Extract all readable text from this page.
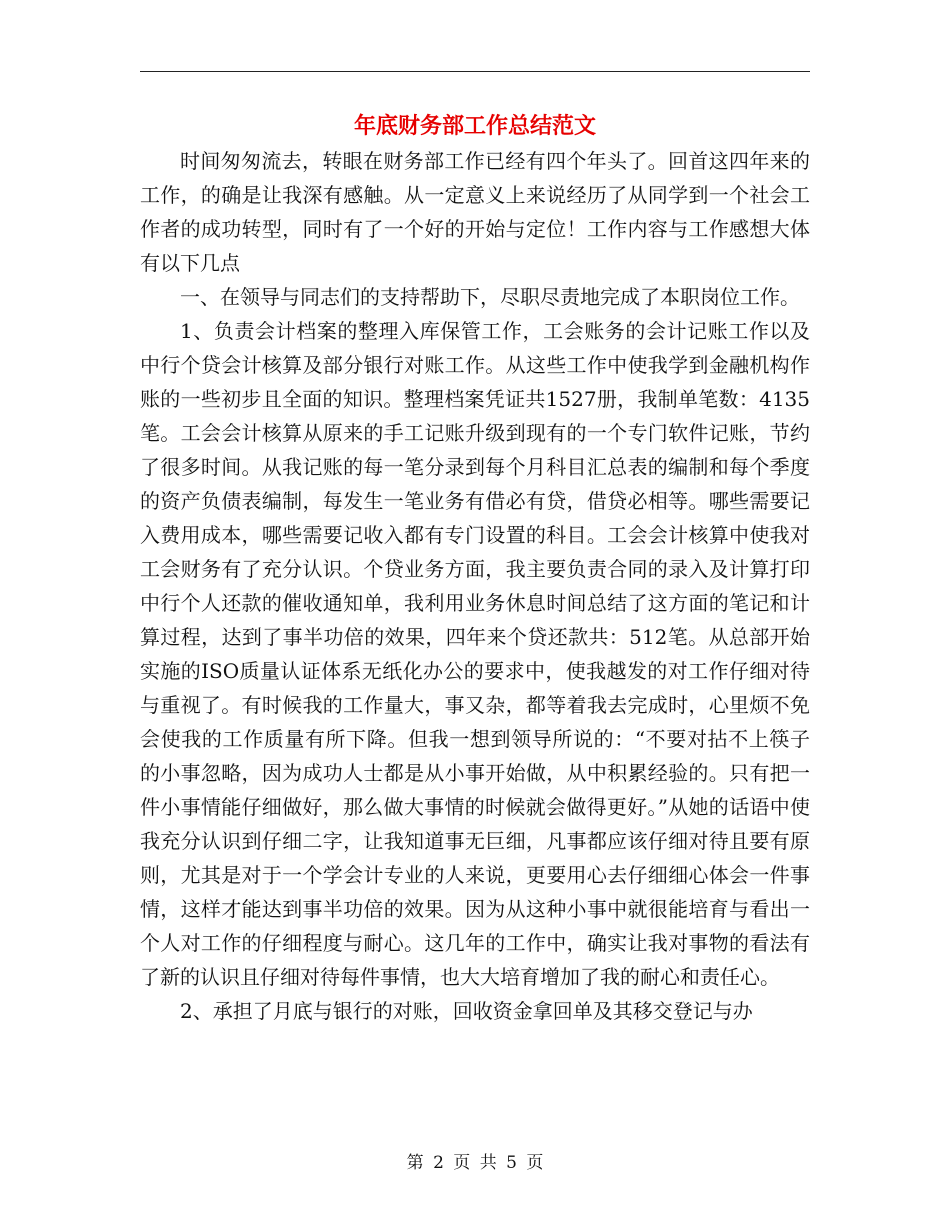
年底财务部工作总结范文

时间匆匆流去，转眼在财务部工作已经有四个年头了。回首这四年来的工作，的确是让我深有感触。从一定意义上来说经历了从同学到一个社会工作者的成功转型，同时有了一个好的开始与定位！工作内容与工作感想大体有以下几点

一、在领导与同志们的支持帮助下，尽职尽责地完成了本职岗位工作。

1、负责会计档案的整理入库保管工作，工会账务的会计记账工作以及中行个贷会计核算及部分银行对账工作。从这些工作中使我学到金融机构作账的一些初步且全面的知识。整理档案凭证共1527册，我制单笔数：4135笔。工会会计核算从原来的手工记账升级到现有的一个专门软件记账，节约了很多时间。从我记账的每一笔分录到每个月科目汇总表的编制和每个季度的资产负债表编制，每发生一笔业务有借必有贷，借贷必相等。哪些需要记入费用成本，哪些需要记收入都有专门设置的科目。工会会计核算中使我对工会财务有了充分认识。个贷业务方面，我主要负责合同的录入及计算打印中行个人还款的催收通知单，我利用业务休息时间总结了这方面的笔记和计算过程，达到了事半功倍的效果，四年来个贷还款共：512笔。从总部开始实施的ISO质量认证体系无纸化办公的要求中，使我越发的对工作仔细对待与重视了。有时候我的工作量大，事又杂，都等着我去完成时，心里烦不免会使我的工作质量有所下降。但我一想到领导所说的：“不要对拈不上筷子的小事忽略，因为成功人士都是从小事开始做，从中积累经验的。只有把一件小事情能仔细做好，那么做大事情的时候就会做得更好。”从她的话语中使我充分认识到仔细二字，让我知道事无巨细，凡事都应该仔细对待且要有原则，尤其是对于一个学会计专业的人来说，更要用心去仔细细心体会一件事情，这样才能达到事半功倍的效果。因为从这种小事中就很能培育与看出一个人对工作的仔细程度与耐心。这几年的工作中，确实让我对事物的看法有了新的认识且仔细对待每件事情，也大大培育增加了我的耐心和责任心。

2、承担了月底与银行的对账，回收资金拿回单及其移交登记与办

第 2 页 共 5 页
